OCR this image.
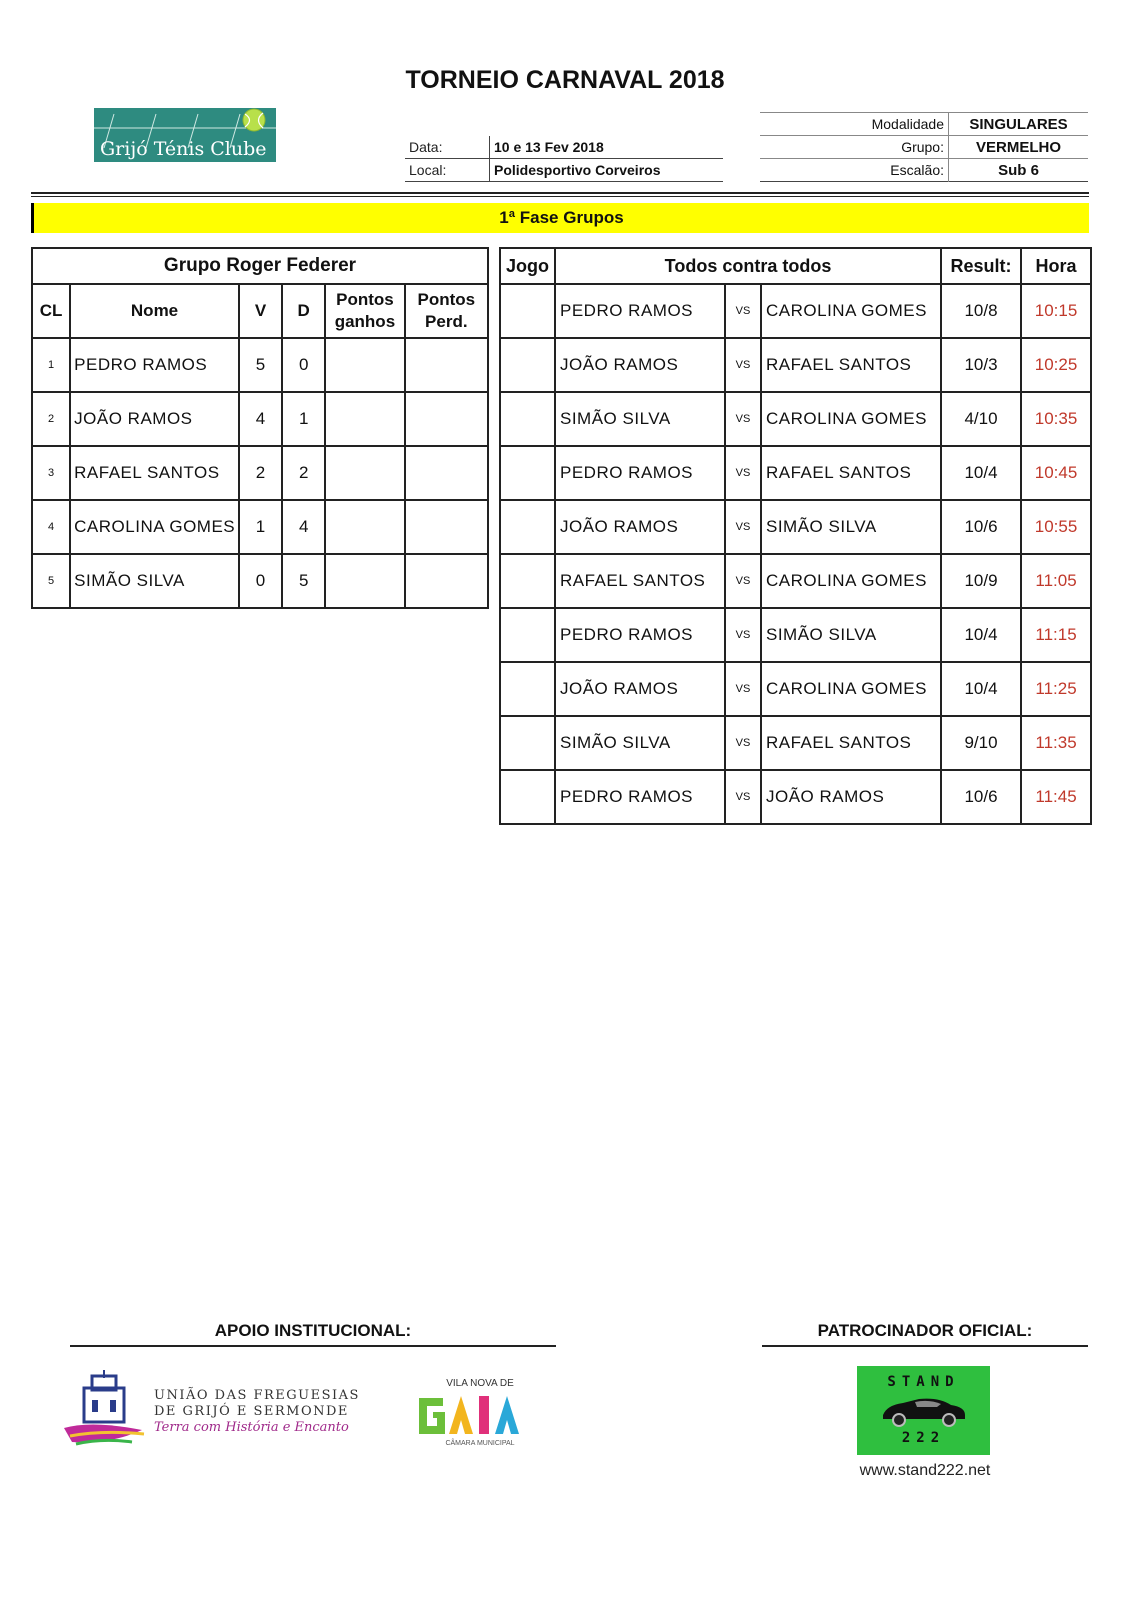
TORNEIO CARNAVAL 2018
Grijó Ténis Clube	Data:	10 e 13 Fev 2018
Local:	Polidesportivo Corveiros
Modalidade	SINGULARES
Grupo:	VERMELHO
Escalão:	Sub 6
1ª Fase Grupos
Grupo Roger Federer					
CL	Nome	V	D	Pontos ganhos	Pontos Perd.
1	PEDRO RAMOS	5	0		
2	JOÃO RAMOS	4	1		
3	RAFAEL SANTOS	2	2		
4	CAROLINA GOMES	1	4		
5	SIMÃO SILVA	0	5		
Jogo	Todos contra todos			Result:	Hora
	PEDRO RAMOS	VS	CAROLINA GOMES	10/8	10:15
	JOÃO RAMOS	VS	RAFAEL SANTOS	10/3	10:25
	SIMÃO SILVA	VS	CAROLINA GOMES	4/10	10:35
	PEDRO RAMOS	VS	RAFAEL SANTOS	10/4	10:45
	JOÃO RAMOS	VS	SIMÃO SILVA	10/6	10:55
	RAFAEL SANTOS	VS	CAROLINA GOMES	10/9	11:05
	PEDRO RAMOS	VS	SIMÃO SILVA	10/4	11:15
	JOÃO RAMOS	VS	CAROLINA GOMES	10/4	11:25
	SIMÃO SILVA	VS	RAFAEL SANTOS	9/10	11:35
	PEDRO RAMOS	VS	JOÃO RAMOS	10/6	11:45
APOIO INSTITUCIONAL:	PATROCINADOR OFICIAL:
UNIÃO DAS FREGUESIAS
DE GRIJÓ E SERMONDE
Terra com História e Encanto
VILA NOVA DE
CÂMARA MUNICIPAL
STAND
222
www.stand222.net
